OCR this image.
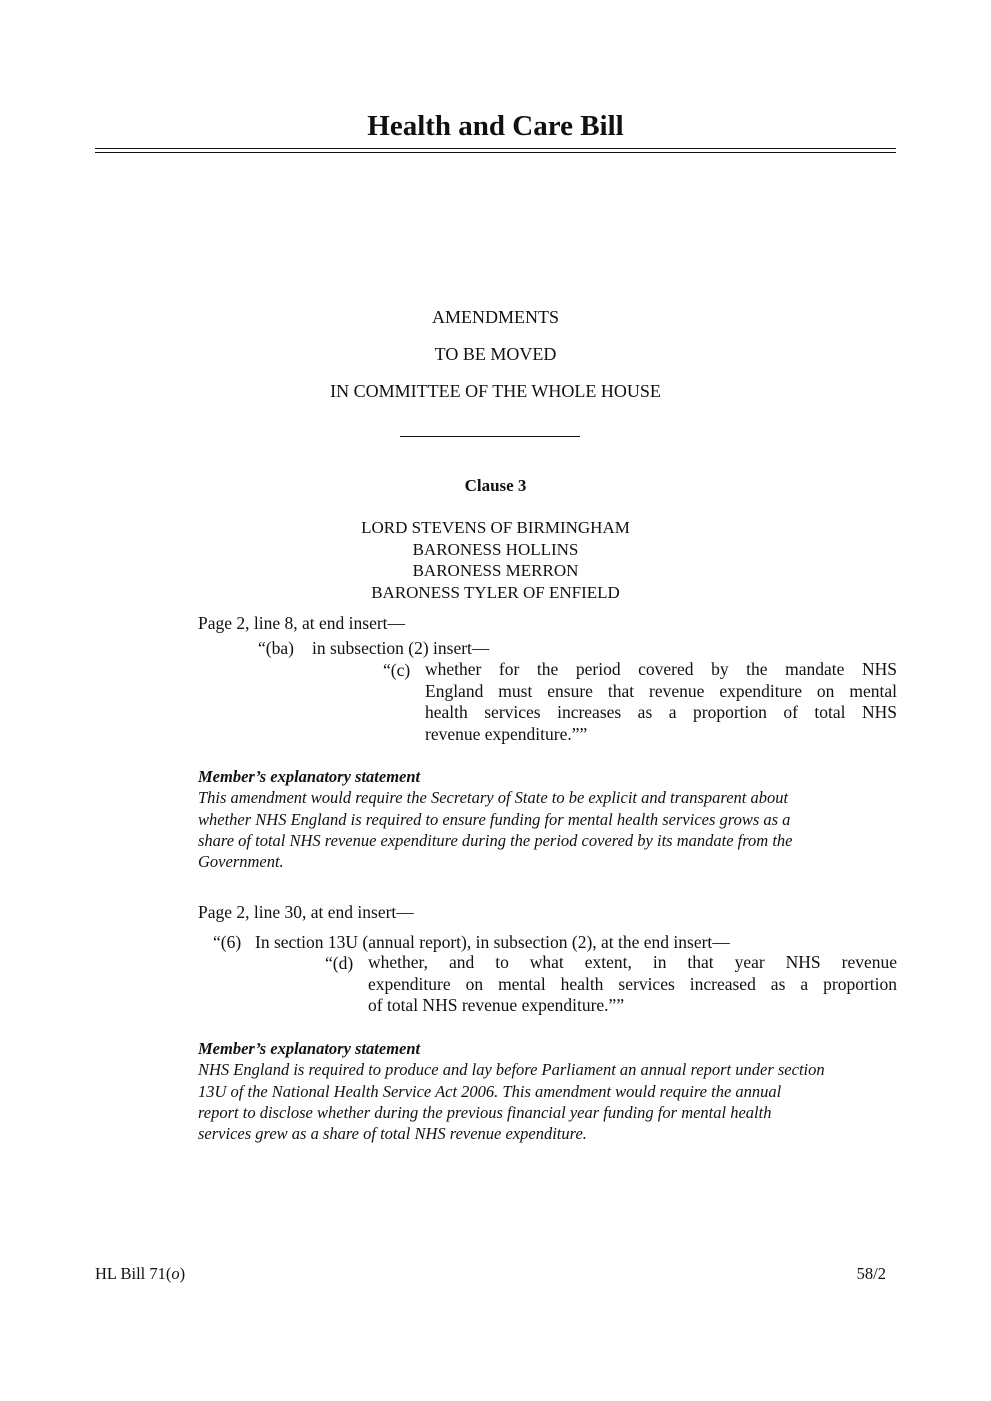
Health and Care Bill
AMENDMENTS
TO BE MOVED
IN COMMITTEE OF THE WHOLE HOUSE
Clause 3
LORD STEVENS OF BIRMINGHAM
BARONESS HOLLINS
BARONESS MERRON
BARONESS TYLER OF ENFIELD
Page 2, line 8, at end insert—
“(ba) in subsection (2) insert—
“(c) whether for the period covered by the mandate NHS
England must ensure that revenue expenditure on mental
health services increases as a proportion of total NHS
revenue expenditure.””
Member’s explanatory statement
This amendment would require the Secretary of State to be explicit and transparent about
whether NHS England is required to ensure funding for mental health services grows as a
share of total NHS revenue expenditure during the period covered by its mandate from the
Government.
Page 2, line 30, at end insert—
“(6) In section 13U (annual report), in subsection (2), at the end insert—
“(d) whether, and to what extent, in that year NHS revenue
expenditure on mental health services increased as a proportion
of total NHS revenue expenditure.””
Member’s explanatory statement
NHS England is required to produce and lay before Parliament an annual report under section
13U of the National Health Service Act 2006. This amendment would require the annual
report to disclose whether during the previous financial year funding for mental health
services grew as a share of total NHS revenue expenditure.
HL Bill 71(o)	58/2
